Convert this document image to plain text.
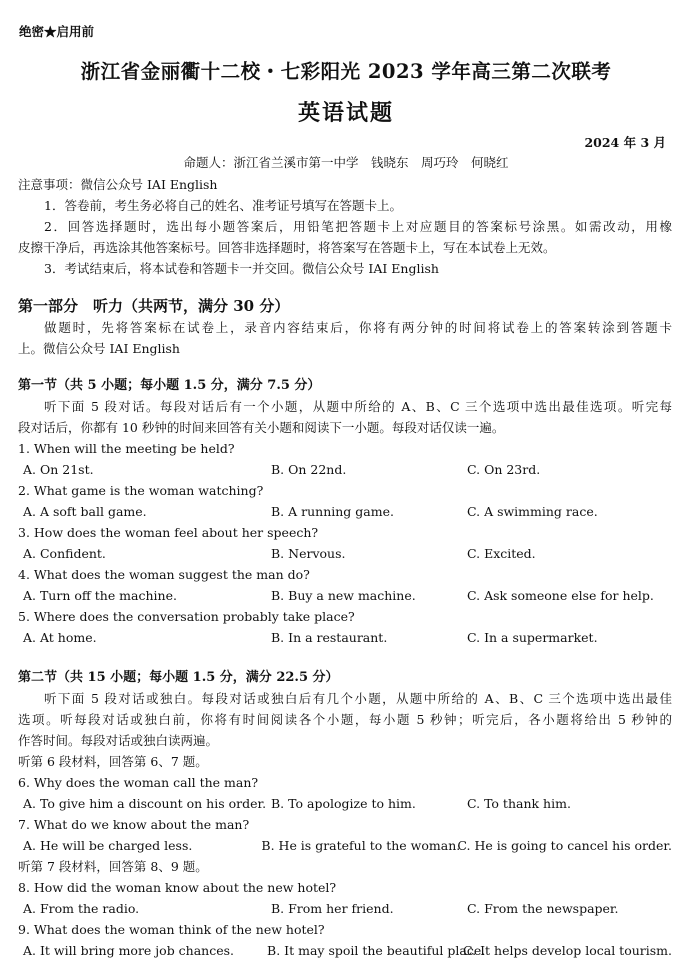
绝密★启用前
浙江省金丽衢十二校・七彩阳光 2023 学年高三第二次联考
英语试题
2024 年 3 月
命题人：浙江省兰溪市第一中学　钱晓东　周巧玲　何晓红
注意事项：微信公众号 IAI English
1．答卷前，考生务必将自己的姓名、准考证号填写在答题卡上。
2．回答选择题时，选出每小题答案后，用铅笔把答题卡上对应题目的答案标号涂黑。如需改动，用橡
皮擦干净后，再选涂其他答案标号。回答非选择题时，将答案写在答题卡上，写在本试卷上无效。
3．考试结束后，将本试卷和答题卡一并交回。微信公众号 IAI English
第一部分　听力（共两节，满分 30 分）
做题时，先将答案标在试卷上，录音内容结束后，你将有两分钟的时间将试卷上的答案转涂到答题卡
上。微信公众号 IAI English
第一节（共 5 小题；每小题 1.5 分，满分 7.5 分）
听下面 5 段对话。每段对话后有一个小题，从题中所给的 A、B、C 三个选项中选出最佳选项。听完每
段对话后，你都有 10 秒钟的时间来回答有关小题和阅读下一小题。每段对话仅读一遍。
1. When will the meeting be held?
A. On 21st.	B. On 22nd.	C. On 23rd.
2. What game is the woman watching?
A. A soft ball game.	B. A running game.	C. A swimming race.
3. How does the woman feel about her speech?
A. Confident.	B. Nervous.	C. Excited.
4. What does the woman suggest the man do?
A. Turn off the machine.	B. Buy a new machine.	C. Ask someone else for help.
5. Where does the conversation probably take place?
A. At home.	B. In a restaurant.	C. In a supermarket.
第二节（共 15 小题；每小题 1.5 分，满分 22.5 分）
听下面 5 段对话或独白。每段对话或独白后有几个小题，从题中所给的 A、B、C 三个选项中选出最佳
选项。听每段对话或独白前，你将有时间阅读各个小题，每小题 5 秒钟；听完后，各小题将给出 5 秒钟的
作答时间。每段对话或独白读两遍。
听第 6 段材料，回答第 6、7 题。
6. Why does the woman call the man?
A. To give him a discount on his order. B. To apologize to him.	C. To thank him.
7. What do we know about the man?
A. He will be charged less.	B. He is grateful to the woman.
C. He is going to cancel his order.
听第 7 段材料，回答第 8、9 题。
8. How did the woman know about the new hotel?
A. From the radio.	B. From her friend.	C. From the newspaper.
9. What does the woman think of the new hotel?
A. It will bring more job chances.	B. It may spoil the beautiful place.
C. It helps develop local tourism.
